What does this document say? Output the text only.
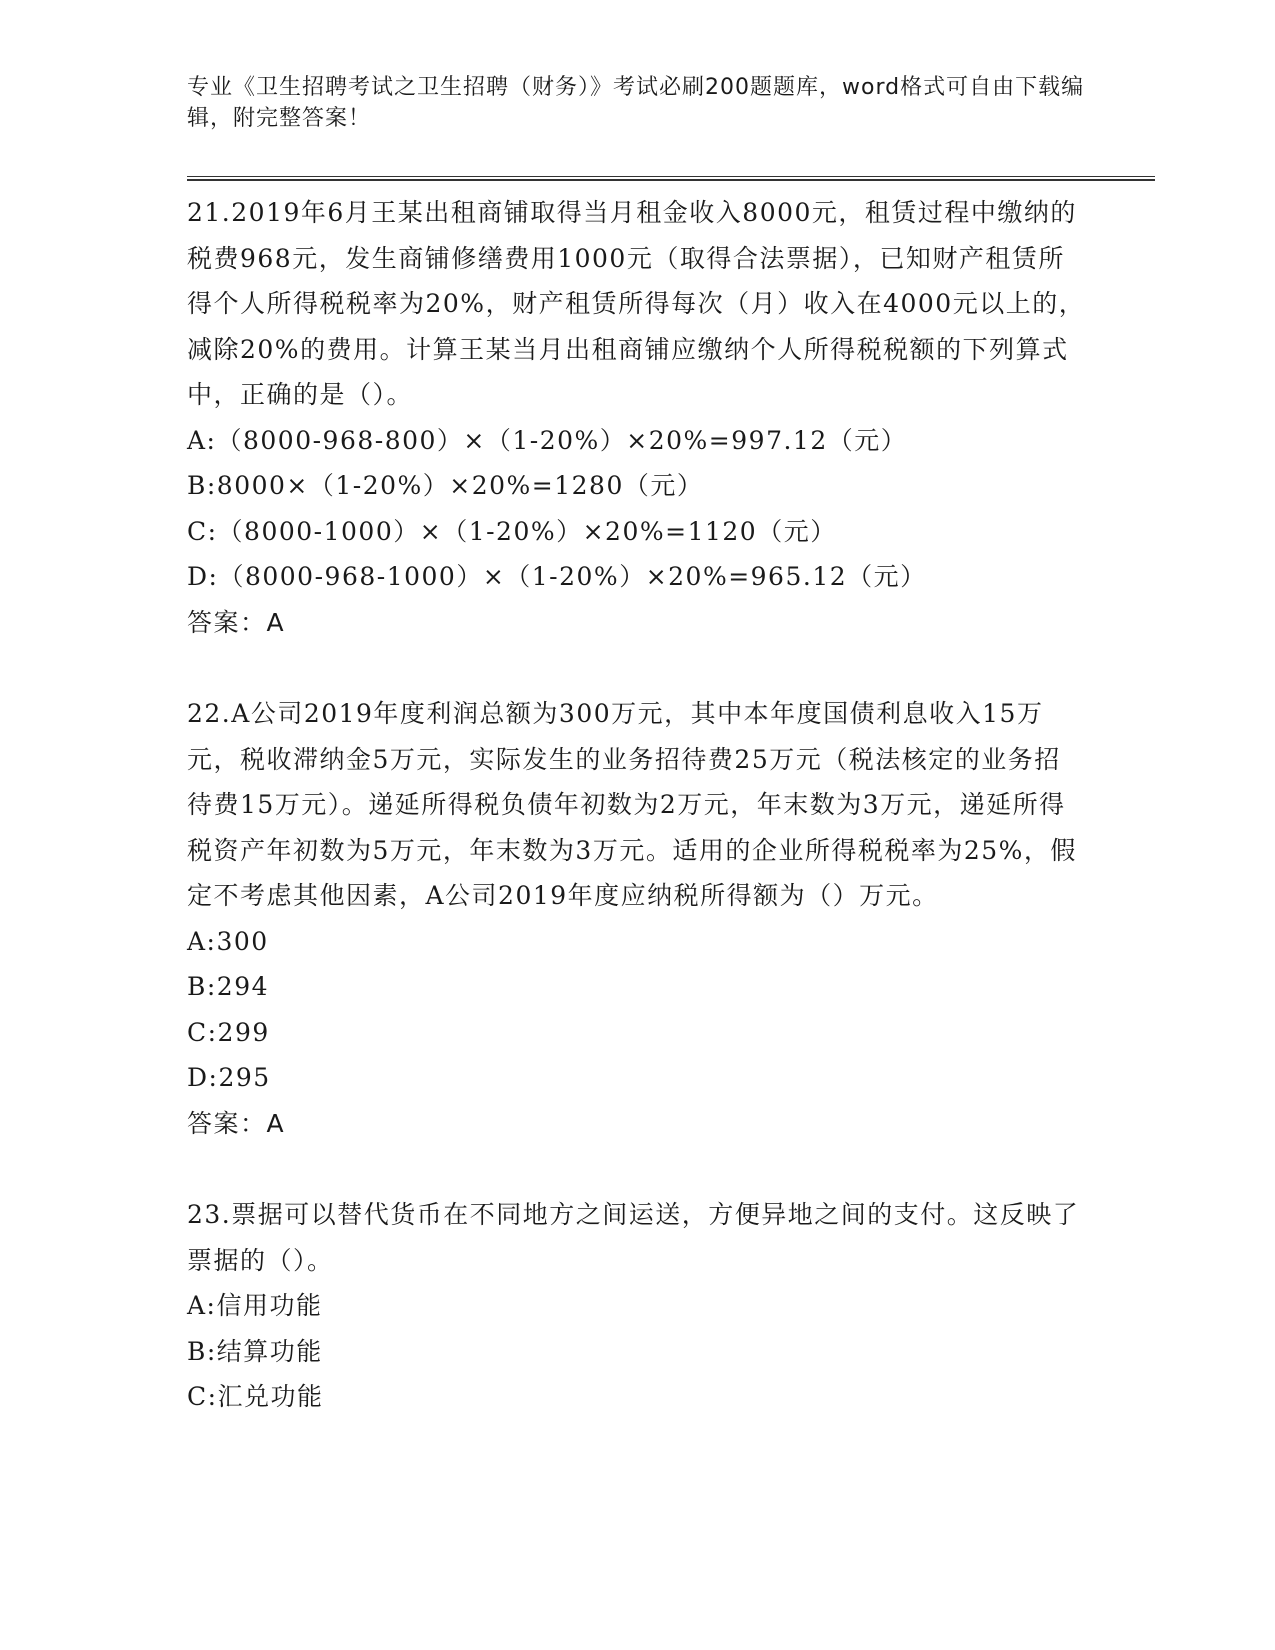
专业《卫生招聘考试之卫生招聘（财务）》考试必刷200题题库，word格式可自由下载编辑，附完整答案！
21.2019年6月王某出租商铺取得当月租金收入8000元，租赁过程中缴纳的税费968元，发生商铺修缮费用1000元（取得合法票据），已知财产租赁所得个人所得税税率为20%，财产租赁所得每次（月）收入在4000元以上的，减除20%的费用。计算王某当月出租商铺应缴纳个人所得税税额的下列算式中，正确的是（）。
A:（8000-968-800）×（1-20%）×20%=997.12（元）
B:8000×（1-20%）×20%=1280（元）
C:（8000-1000）×（1-20%）×20%=1120（元）
D:（8000-968-1000）×（1-20%）×20%=965.12（元）
答案：A
22.A公司2019年度利润总额为300万元，其中本年度国债利息收入15万元，税收滞纳金5万元，实际发生的业务招待费25万元（税法核定的业务招待费15万元）。递延所得税负债年初数为2万元，年末数为3万元，递延所得税资产年初数为5万元，年末数为3万元。适用的企业所得税税率为25%，假定不考虑其他因素，A公司2019年度应纳税所得额为（）万元。
A:300
B:294
C:299
D:295
答案：A
23.票据可以替代货币在不同地方之间运送，方便异地之间的支付。这反映了票据的（）。
A:信用功能
B:结算功能
C:汇兑功能
